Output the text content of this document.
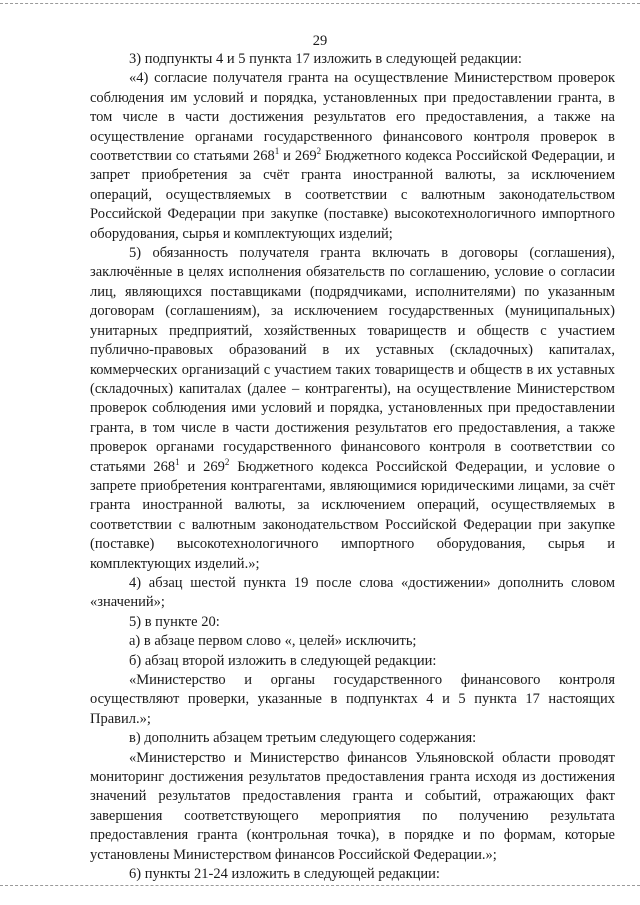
29

3) подпункты 4 и 5 пункта 17 изложить в следующей редакции:

«4) согласие получателя гранта на осуществление Министерством проверок соблюдения им условий и порядка, установленных при предоставлении гранта, в том числе в части достижения результатов его предоставления, а также на осуществление органами государственного финансового контроля проверок в соответствии со статьями $268^1$ и $269^2$ Бюджетного кодекса Российской Федерации, и запрет приобретения за счёт гранта иностранной валюты, за исключением операций, осуществляемых в соответствии с валютным законодательством Российской Федерации при закупке (поставке) высокотехнологичного импортного оборудования, сырья и комплектующих изделий;

5) обязанность получателя гранта включать в договоры (соглашения), заключённые в целях исполнения обязательств по соглашению, условие о согласии лиц, являющихся поставщиками (подрядчиками, исполнителями) по указанным договорам (соглашениям), за исключением государственных (муниципальных) унитарных предприятий, хозяйственных товариществ и обществ с участием публично-правовых образований в их уставных (складочных) капиталах, коммерческих организаций с участием таких товариществ и обществ в их уставных (складочных) капиталах (далее – контрагенты), на осуществление Министерством проверок соблюдения ими условий и порядка, установленных при предоставлении гранта, в том числе в части достижения результатов его предоставления, а также проверок органами государственного финансового контроля в соответствии со статьями $268^1$ и $269^2$ Бюджетного кодекса Российской Федерации, и условие о запрете приобретения контрагентами, являющимися юридическими лицами, за счёт гранта иностранной валюты, за исключением операций, осуществляемых в соответствии с валютным законодательством Российской Федерации при закупке (поставке) высокотехнологичного импортного оборудования, сырья и комплектующих изделий.»;

4) абзац шестой пункта 19 после слова «достижении» дополнить словом «значений»;

5) в пункте 20:

а) в абзаце первом слово «, целей» исключить;

б) абзац второй изложить в следующей редакции:

«Министерство и органы государственного финансового контроля осуществляют проверки, указанные в подпунктах 4 и 5 пункта 17 настоящих Правил.»;

в) дополнить абзацем третьим следующего содержания:

«Министерство и Министерство финансов Ульяновской области проводят мониторинг достижения результатов предоставления гранта исходя из достижения значений результатов предоставления гранта и событий, отражающих факт завершения соответствующего мероприятия по получению результата предоставления гранта (контрольная точка), в порядке и по формам, которые установлены Министерством финансов Российской Федерации.»;

6) пункты 21-24 изложить в следующей редакции:
